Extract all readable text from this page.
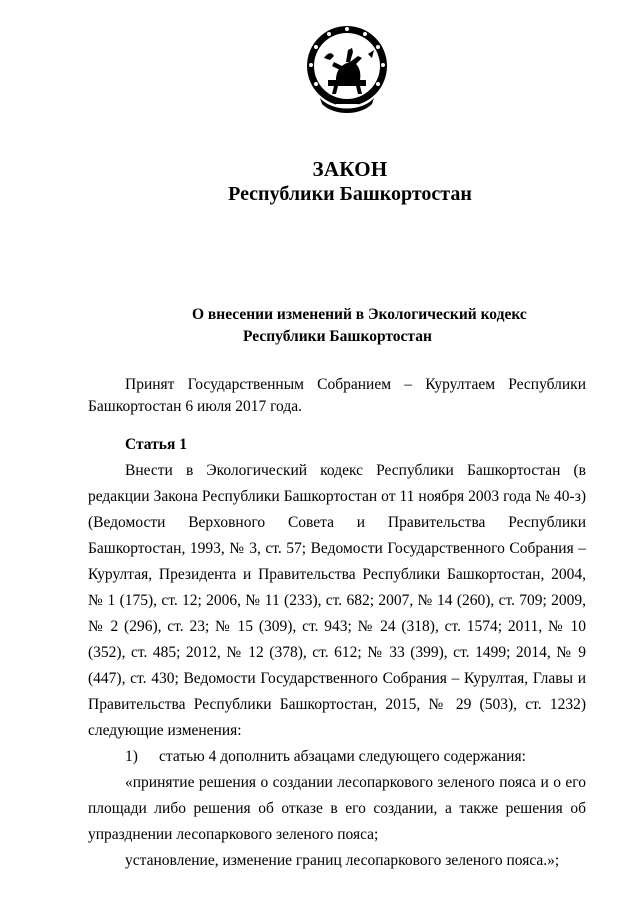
ЗАКОН
Республики Башкортостан
О внесении изменений в Экологический кодекс
Республики Башкортостан
Принят Государственным Собранием – Курултаем Республики Башкортостан 6 июля 2017 года.
Статья 1

Внести в Экологический кодекс Республики Башкортостан (в редакции Закона Республики Башкортостан от 11 ноября 2003 года № 40-з) (Ведомости Верховного Совета и Правительства Республики Башкортостан, 1993, № 3, ст. 57; Ведомости Государственного Собрания – Курултая, Президента и Правительства Республики Башкортостан, 2004, № 1 (175), ст. 12; 2006, № 11 (233), ст. 682; 2007, № 14 (260), ст. 709; 2009, № 2 (296), ст. 23; № 15 (309), ст. 943; № 24 (318), ст. 1574; 2011, № 10 (352), ст. 485; 2012, № 12 (378), ст. 612; № 33 (399), ст. 1499; 2014, № 9 (447), ст. 430; Ведомости Государственного Собрания – Курултая, Главы и Правительства Республики Башкортостан, 2015, № 29 (503), ст. 1232) следующие изменения:

1) статью 4 дополнить абзацами следующего содержания:

«принятие решения о создании лесопаркового зеленого пояса и о его площади либо решения об отказе в его создании, а также решения об упразднении лесопаркового зеленого пояса;

установление, изменение границ лесопаркового зеленого пояса.»;
